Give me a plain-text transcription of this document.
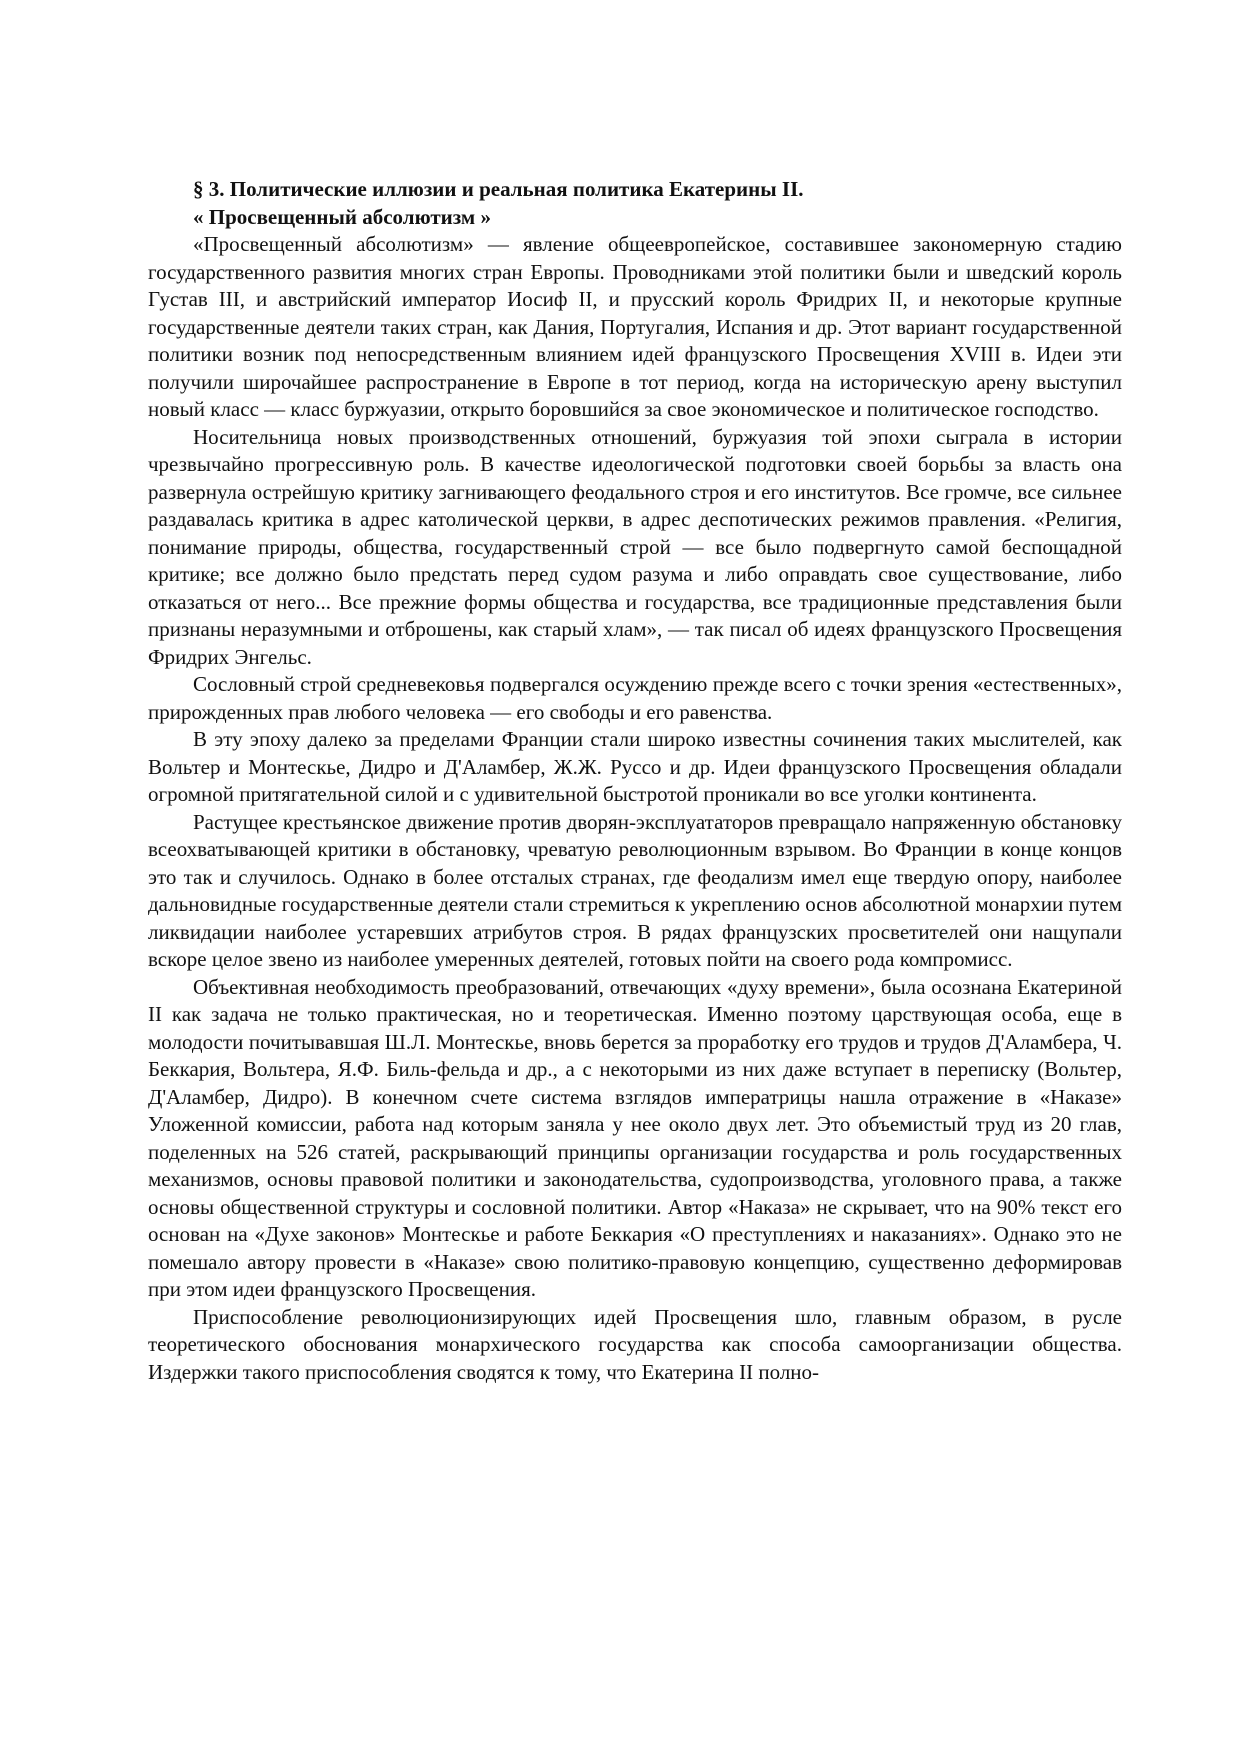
§ 3. Политические иллюзии и реальная политика Екатерины II.
« Просвещенный абсолютизм »

«Просвещенный абсолютизм» — явление общеевропейское, составившее закономерную стадию государственного развития многих стран Европы. Проводниками этой политики были и шведский король Густав III, и австрийский император Иосиф II, и прусский король Фридрих II, и некоторые крупные государственные деятели таких стран, как Дания, Португалия, Испания и др. Этот вариант государственной политики возник под непосредственным влиянием идей французского Просвещения XVIII в. Идеи эти получили широчайшее распространение в Европе в тот период, когда на историческую арену выступил новый класс — класс буржуазии, открыто боровшийся за свое экономическое и политическое господство.

Носительница новых производственных отношений, буржуазия той эпохи сыграла в истории чрезвычайно прогрессивную роль. В качестве идеологической подготовки своей борьбы за власть она развернула острейшую критику загнивающего феодального строя и его институтов. Все громче, все сильнее раздавалась критика в адрес католической церкви, в адрес деспотических режимов правления. «Религия, понимание природы, общества, государственный строй — все было подвергнуто самой беспощадной критике; все должно было предстать перед судом разума и либо оправдать свое существование, либо отказаться от него... Все прежние формы общества и государства, все традиционные представления были признаны неразумными и отброшены, как старый хлам», — так писал об идеях французского Просвещения Фридрих Энгельс.

Сословный строй средневековья подвергался осуждению прежде всего с точки зрения «естественных», прирожденных прав любого человека — его свободы и его равенства.

В эту эпоху далеко за пределами Франции стали широко известны сочинения таких мыслителей, как Вольтер и Монтескье, Дидро и Д'Аламбер, Ж.Ж. Руссо и др. Идеи французского Просвещения обладали огромной притягательной силой и с удивительной быстротой проникали во все уголки континента.

Растущее крестьянское движение против дворян-эксплуататоров превращало напряженную обстановку всеохватывающей критики в обстановку, чреватую революционным взрывом. Во Франции в конце концов это так и случилось. Однако в более отсталых странах, где феодализм имел еще твердую опору, наиболее дальновидные государственные деятели стали стремиться к укреплению основ абсолютной монархии путем ликвидации наиболее устаревших атрибутов строя. В рядах французских просветителей они нащупали вскоре целое звено из наиболее умеренных деятелей, готовых пойти на своего рода компромисс.

Объективная необходимость преобразований, отвечающих «духу времени», была осознана Екатериной II как задача не только практическая, но и теоретическая. Именно поэтому царствующая особа, еще в молодости почитывавшая Ш.Л. Монтескье, вновь берется за проработку его трудов и трудов Д'Аламбера, Ч. Беккария, Вольтера, Я.Ф. Биль-фельда и др., а с некоторыми из них даже вступает в переписку (Вольтер, Д'Аламбер, Дидро). В конечном счете система взглядов императрицы нашла отражение в «Наказе» Уложенной комиссии, работа над которым заняла у нее около двух лет. Это объемистый труд из 20 глав, поделенных на 526 статей, раскрывающий принципы организации государства и роль государственных механизмов, основы правовой политики и законодательства, судопроизводства, уголовного права, а также основы общественной структуры и сословной политики. Автор «Наказа» не скрывает, что на 90% текст его основан на «Духе законов» Монтескье и работе Беккария «О преступлениях и наказаниях». Однако это не помешало автору провести в «Наказе» свою политико-правовую концепцию, существенно деформировав при этом идеи французского Просвещения.

Приспособление революционизирующих идей Просвещения шло, главным образом, в русле теоретического обоснования монархического государства как способа самоорганизации общества. Издержки такого приспособления сводятся к тому, что Екатерина II полно-
